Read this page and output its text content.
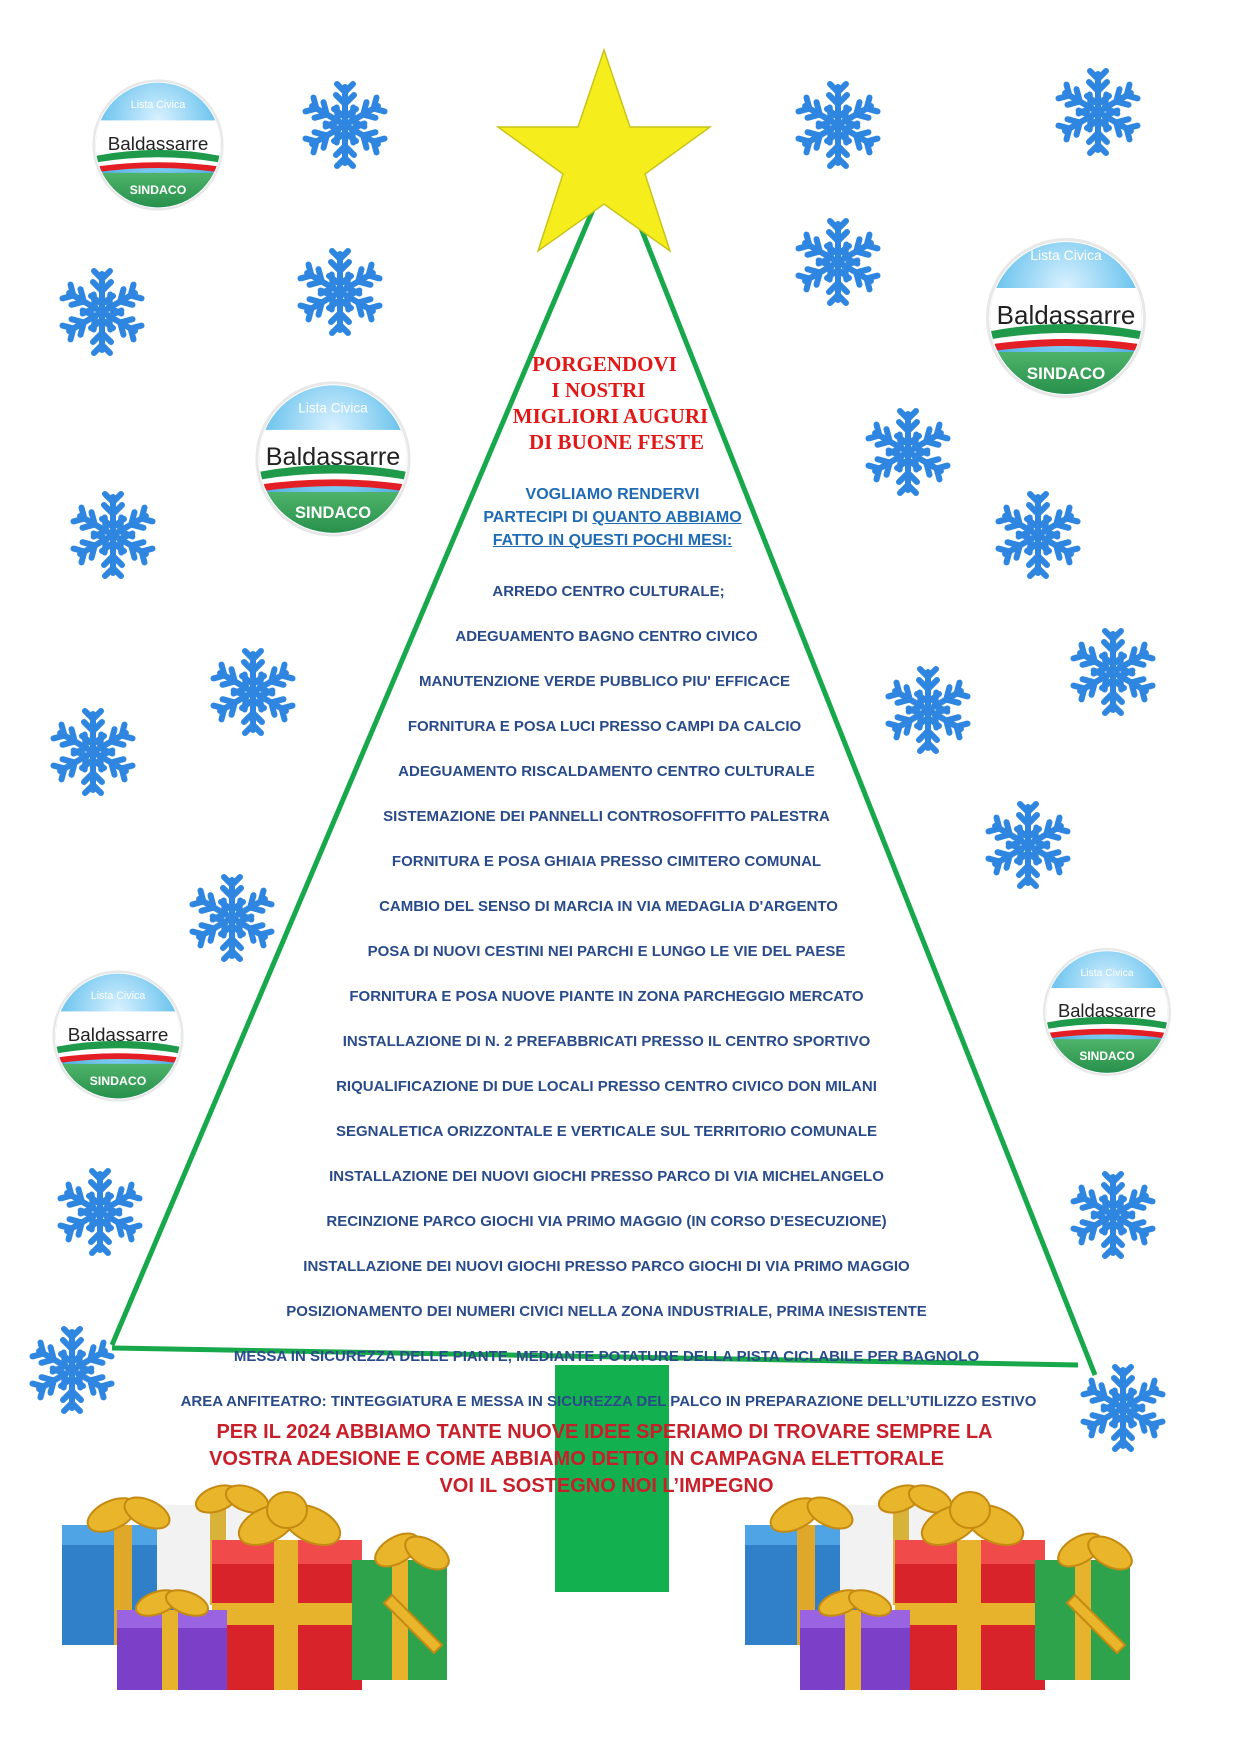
Lista Civica
Baldassarre
SINDACO
Lista Civica
Baldassarre
SINDACO
Lista Civica
Baldassarre
SINDACO
Lista Civica
Baldassarre
SINDACO
Lista Civica
Baldassarre
SINDACO
PORGENDOVI
I NOSTRI
MIGLIORI AUGURI
DI BUONE FESTE
VOGLIAMO RENDERVI
PARTECIPI DI QUANTO ABBIAMO
FATTO IN QUESTI POCHI MESI:
ARREDO CENTRO CULTURALE;
ADEGUAMENTO BAGNO CENTRO CIVICO
MANUTENZIONE VERDE PUBBLICO PIU' EFFICACE
FORNITURA E POSA LUCI PRESSO CAMPI DA CALCIO
ADEGUAMENTO RISCALDAMENTO CENTRO CULTURALE
SISTEMAZIONE DEI PANNELLI CONTROSOFFITTO PALESTRA
FORNITURA E POSA GHIAIA PRESSO CIMITERO COMUNAL
CAMBIO DEL SENSO DI MARCIA IN VIA MEDAGLIA D'ARGENTO
POSA DI NUOVI CESTINI NEI PARCHI E LUNGO LE VIE DEL PAESE
FORNITURA E POSA NUOVE PIANTE IN ZONA PARCHEGGIO MERCATO
INSTALLAZIONE DI N. 2 PREFABBRICATI PRESSO IL CENTRO SPORTIVO
RIQUALIFICAZIONE DI DUE LOCALI PRESSO CENTRO CIVICO DON MILANI
SEGNALETICA ORIZZONTALE E VERTICALE SUL TERRITORIO COMUNALE
INSTALLAZIONE DEI NUOVI GIOCHI PRESSO PARCO DI VIA MICHELANGELO
RECINZIONE PARCO GIOCHI VIA PRIMO MAGGIO (IN CORSO D'ESECUZIONE)
INSTALLAZIONE DEI NUOVI GIOCHI PRESSO PARCO GIOCHI DI VIA PRIMO MAGGIO
POSIZIONAMENTO DEI NUMERI CIVICI NELLA ZONA INDUSTRIALE, PRIMA INESISTENTE
MESSA IN SICUREZZA DELLE PIANTE, MEDIANTE POTATURE DELLA PISTA CICLABILE PER BAGNOLO
AREA ANFITEATRO: TINTEGGIATURA E MESSA IN SICUREZZA DEL PALCO IN PREPARAZIONE DELL’UTILIZZO ESTIVO
PER IL 2024 ABBIAMO TANTE NUOVE IDEE SPERIAMO DI TROVARE SEMPRE LA
VOSTRA ADESIONE E COME ABBIAMO DETTO IN CAMPAGNA ELETTORALE
VOI IL SOSTEGNO NOI L’IMPEGNO
